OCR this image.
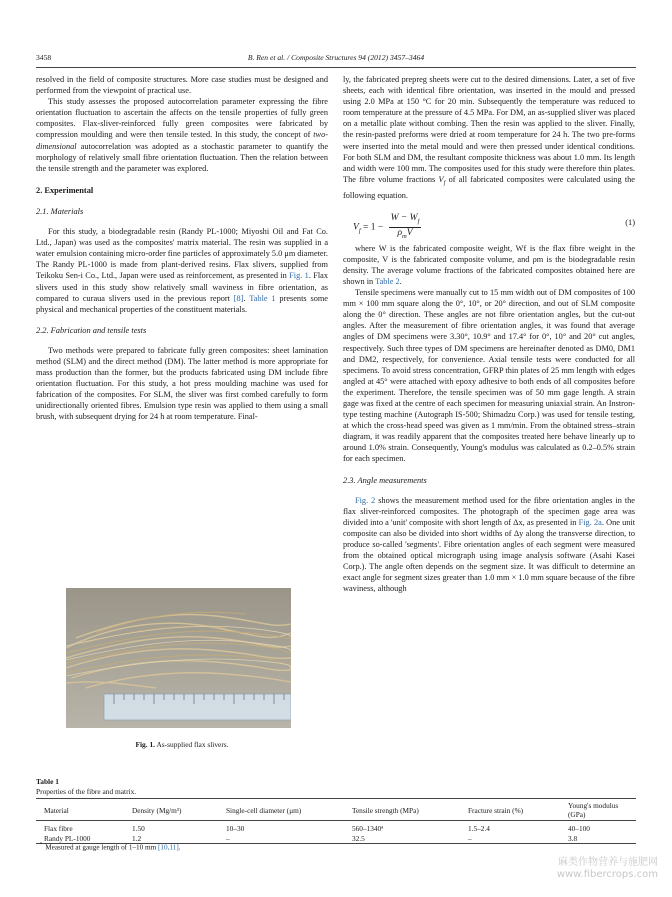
3458	B. Ren et al. / Composite Structures 94 (2012) 3457–3464

resolved in the field of composite structures. More case studies must be designed and performed from the viewpoint of practical use.

This study assesses the proposed autocorrelation parameter expressing the fibre orientation fluctuation to ascertain the affects on the tensile properties of fully green composites. Flax-sliver-reinforced fully green composites were fabricated by compression moulding and were then tensile tested. In this study, the concept of two-dimensional autocorrelation was adopted as a stochastic parameter to quantify the morphology of relatively small fibre orientation fluctuation. Then the relation between the tensile strength and the parameter was explored.

2. Experimental
2.1. Materials

For this study, a biodegradable resin (Randy PL-1000; Miyoshi Oil and Fat Co. Ltd., Japan) was used as the composites' matrix material. The resin was supplied in a water emulsion containing micro-order fine particles of approximately 5.0 μm diameter. The Randy PL-1000 is made from plant-derived resins. Flax slivers, supplied from Teikoku Sen-i Co., Ltd., Japan were used as reinforcement, as presented in Fig. 1. Flax slivers used in this study show relatively small waviness in fibre orientation, as compared to curaua slivers used in the previous report [8]. Table 1 presents some physical and mechanical properties of the constituent materials.

2.2. Fabrication and tensile tests

Two methods were prepared to fabricate fully green composites: sheet lamination method (SLM) and the direct method (DM). The latter method is more appropriate for mass production than the former, but the products fabricated using DM include fibre orientation fluctuation. For this study, a hot press moulding machine was used for fabrication of the composites. For SLM, the sliver was first combed carefully to form unidirectionally oriented fibres. Emulsion type resin was applied to them using a small brush, with subsequent drying for 24 h at room temperature. Final-

Fig. 1. As-supplied flax slivers.

ly, the fabricated prepreg sheets were cut to the desired dimensions. Later, a set of five sheets, each with identical fibre orientation, was inserted in the mould and pressed using 2.0 MPa at 150 °C for 20 min. Subsequently the temperature was reduced to room temperature at the pressure of 4.5 MPa. For DM, an as-supplied sliver was placed on a metallic plate without combing. Then the resin was applied to the sliver. Finally, the resin-pasted preforms were dried at room temperature for 24 h. The two pre-forms were inserted into the metal mould and were then pressed under identical conditions. For both SLM and DM, the resultant composite thickness was about 1.0 mm. Its length and width were 100 mm. The composites used for this study were therefore thin plates. The fibre volume fractions $V_f$ of all fabricated composites were calculated using the following equation.

$V_f = 1 - \frac{W - W_f}{\rho_mV}$	(1)

where W is the fabricated composite weight, Wf is the flax fibre weight in the composite, V is the fabricated composite volume, and ρm is the biodegradable resin density. The average volume fractions of the fabricated composites obtained here are shown in Table 2.

Tensile specimens were manually cut to 15 mm width out of DM composites of 100 mm × 100 mm square along the 0°, 10°, or 20° direction, and out of SLM composite along the 0° direction. These angles are not fibre orientation angles, but the cut-out angles. After the measurement of fibre orientation angles, it was found that average angles of DM specimens were 3.30°, 10.9° and 17.4° for 0°, 10° and 20° cut angles, respectively. Such three types of DM specimens are hereinafter denoted as DM0, DM1 and DM2, respectively, for convenience. Axial tensile tests were conducted for all specimens. To avoid stress concentration, GFRP thin plates of 25 mm length with edges angled at 45° were attached with epoxy adhesive to both ends of all composites before the experiment. Therefore, the tensile specimen was of 50 mm gage length. A strain gage was fixed at the centre of each specimen for measuring uniaxial strain. An Instron-type testing machine (Autograph IS-500; Shimadzu Corp.) was used for tensile testing, at which the cross-head speed was given as 1 mm/min. From the obtained stress–strain diagram, it was readily apparent that the composites treated here behave linearly up to around 1.0% strain. Consequently, Young's modulus was calculated as 0.2–0.5% strain for each specimen.

2.3. Angle measurements

Fig. 2 shows the measurement method used for the fibre orientation angles in the flax sliver-reinforced composites. The photograph of the specimen gage area was divided into a 'unit' composite with short length of Δx, as presented in Fig. 2a. One unit composite can also be divided into short widths of Δy along the transverse direction, to produce so-called 'segments'. Fibre orientation angles of each segment were measured from the obtained optical micrograph using image analysis software (Asahi Kasei Corp.). The angle often depends on the segment size. It was difficult to determine an exact angle for segment sizes greater than 1.0 mm × 1.0 mm square because of the fibre waviness, although

Table 1
Properties of the fibre and matrix.
Material	Density (Mg/m³)	Single-cell diameter (μm)	Tensile strength (MPa)	Fracture strain (%)	Young's modulus (GPa)
Flax fibre	1.50	10–30	560–1340ª	1.5–2.4	40–100
Randy PL-1000	1.2	–	32.5	–	3.8
$^ª$ Measured at gauge length of 1–10 mm [10,11].
麻类作物营养与施肥网
www.fibercrops.com
